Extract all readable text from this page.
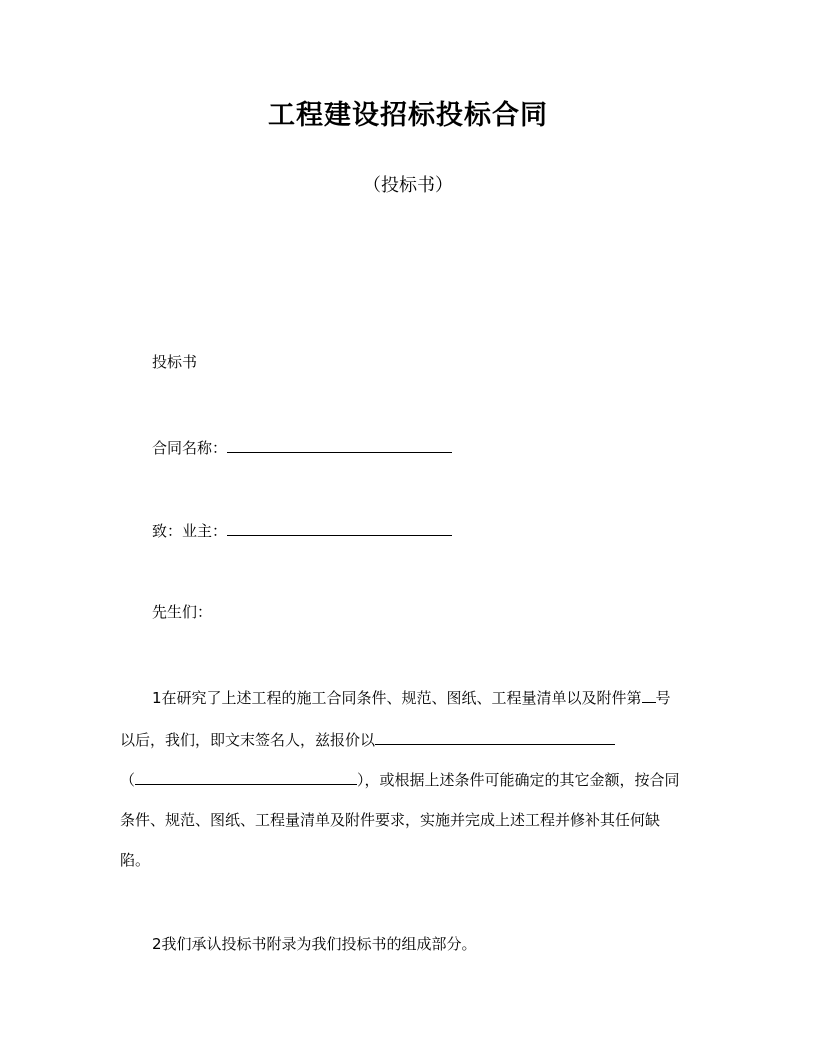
工程建设招标投标合同
（投标书）
投标书
合同名称：
致：业主：
先生们：
1在研究了上述工程的施工合同条件、规范、图纸、工程量清单以及附件第 号
以后，我们，即文末签名人，兹报价以
（	），或根据上述条件可能确定的其它金额，按合同
条件、规范、图纸、工程量清单及附件要求，实施并完成上述工程并修补其任何缺
陷。
2我们承认投标书附录为我们投标书的组成部分。
